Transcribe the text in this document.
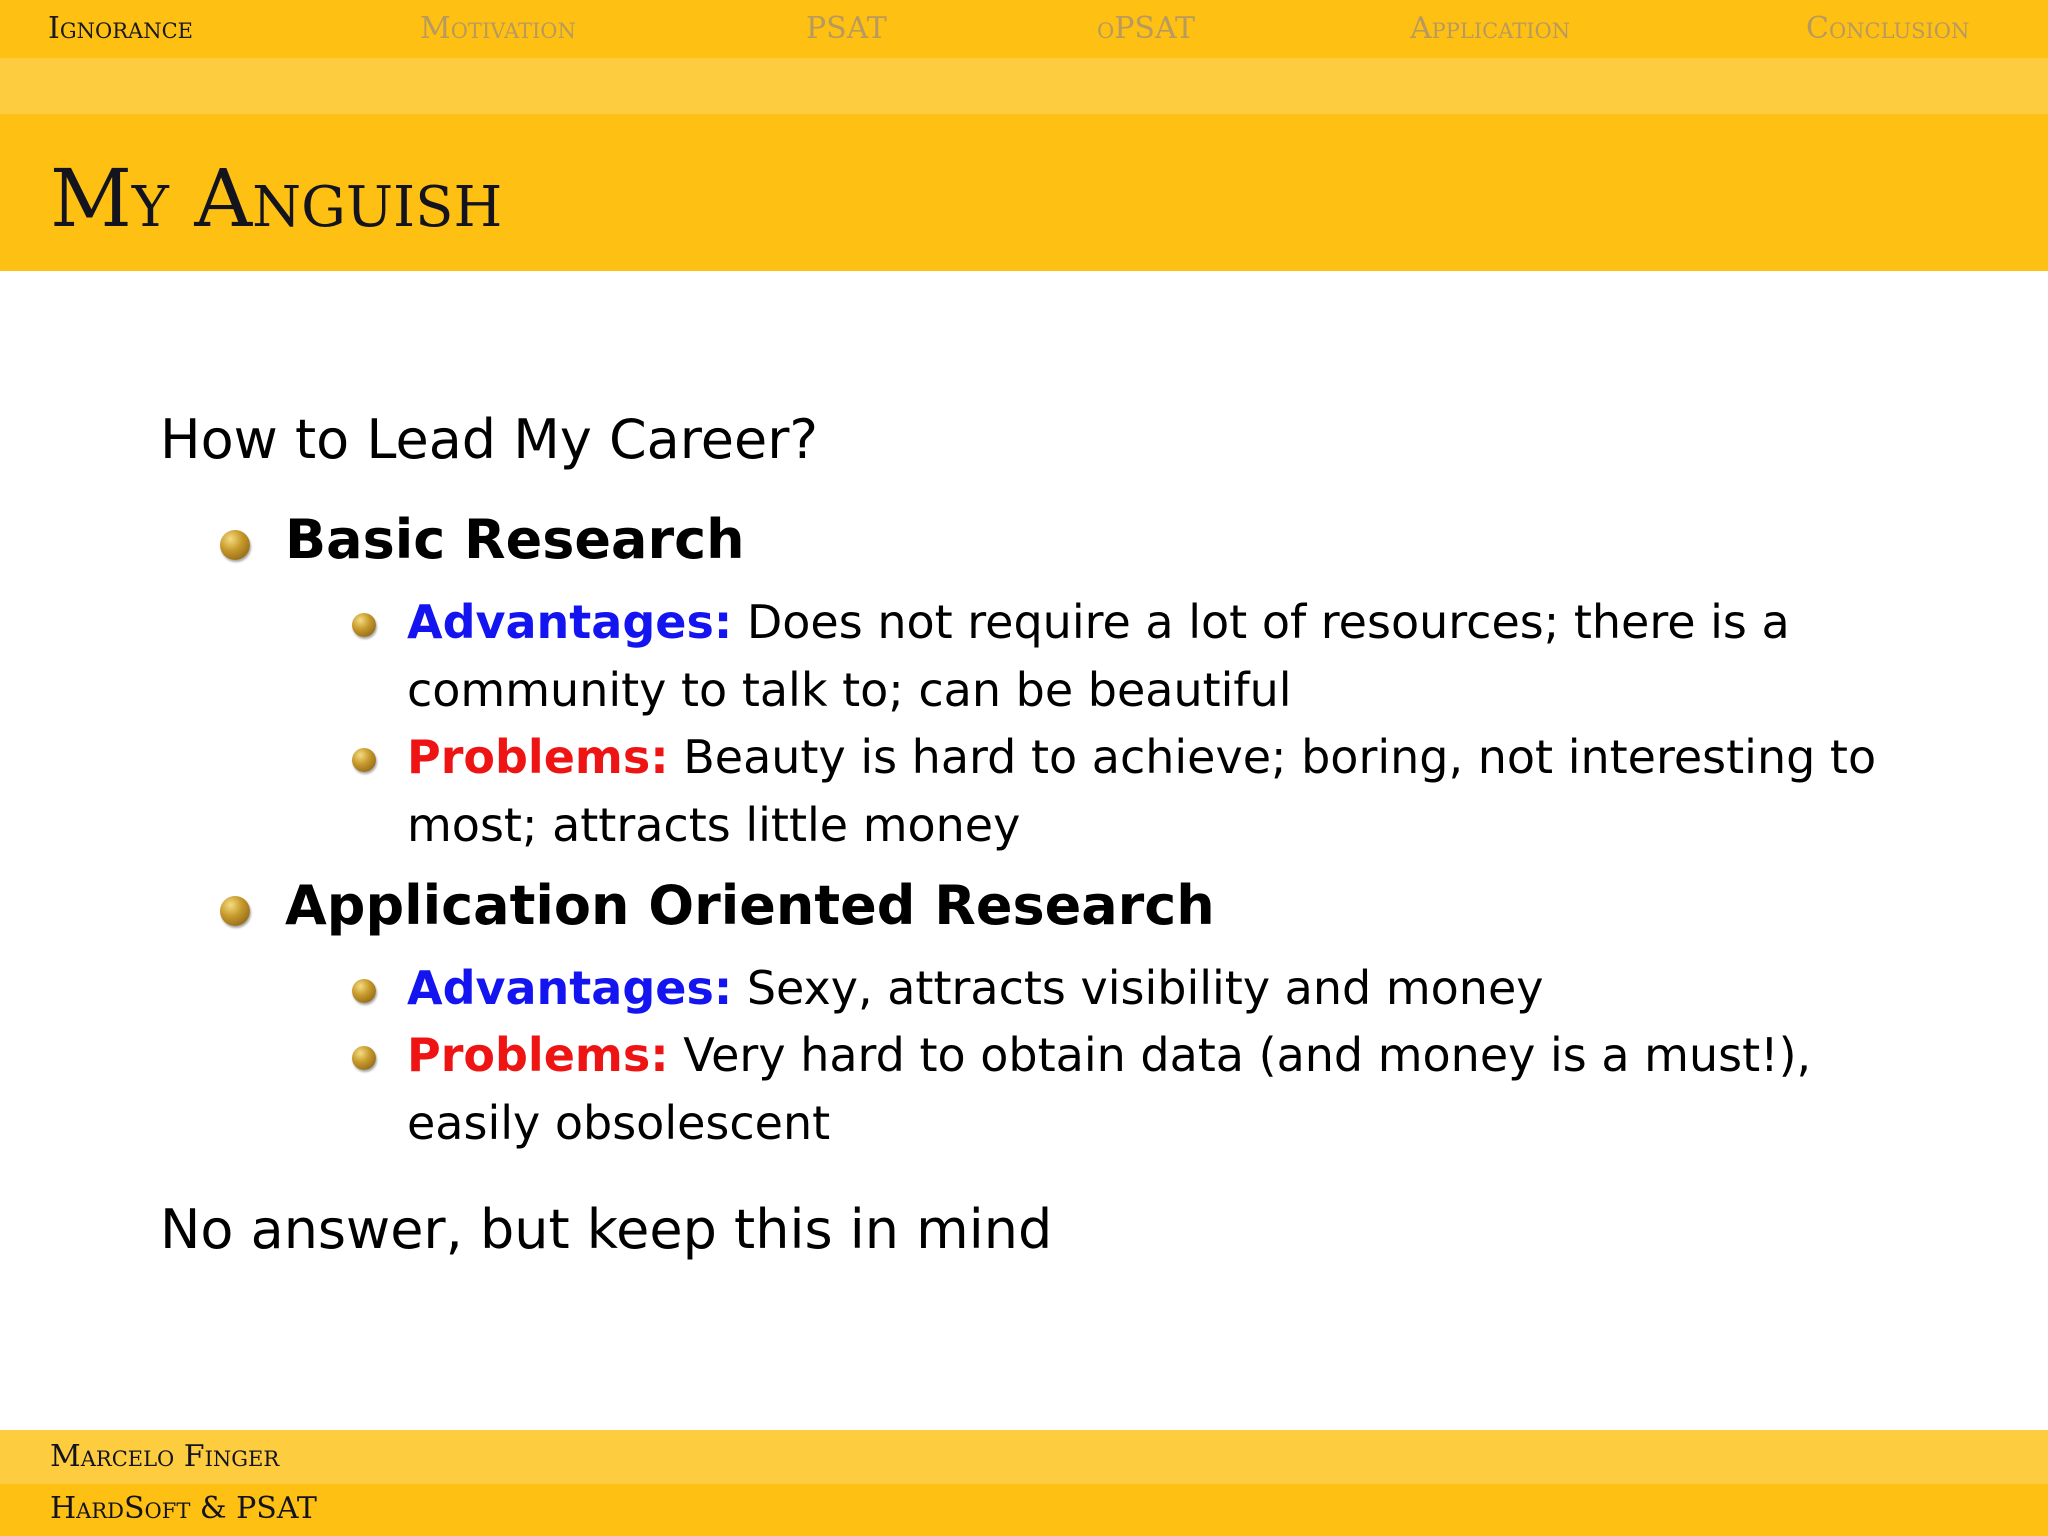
Ignorance	Motivation	PSAT	oPSAT	Application	Conclusion
My Anguish
How to Lead My Career?
Basic Research
Advantages: Does not require a lot of resources; there is a community to talk to; can be beautiful
Problems: Beauty is hard to achieve; boring, not interesting to most; attracts little money
Application Oriented Research
Advantages: Sexy, attracts visibility and money
Problems: Very hard to obtain data (and money is a must!), easily obsolescent
No answer, but keep this in mind
Marcelo Finger
HardSoft & PSAT
